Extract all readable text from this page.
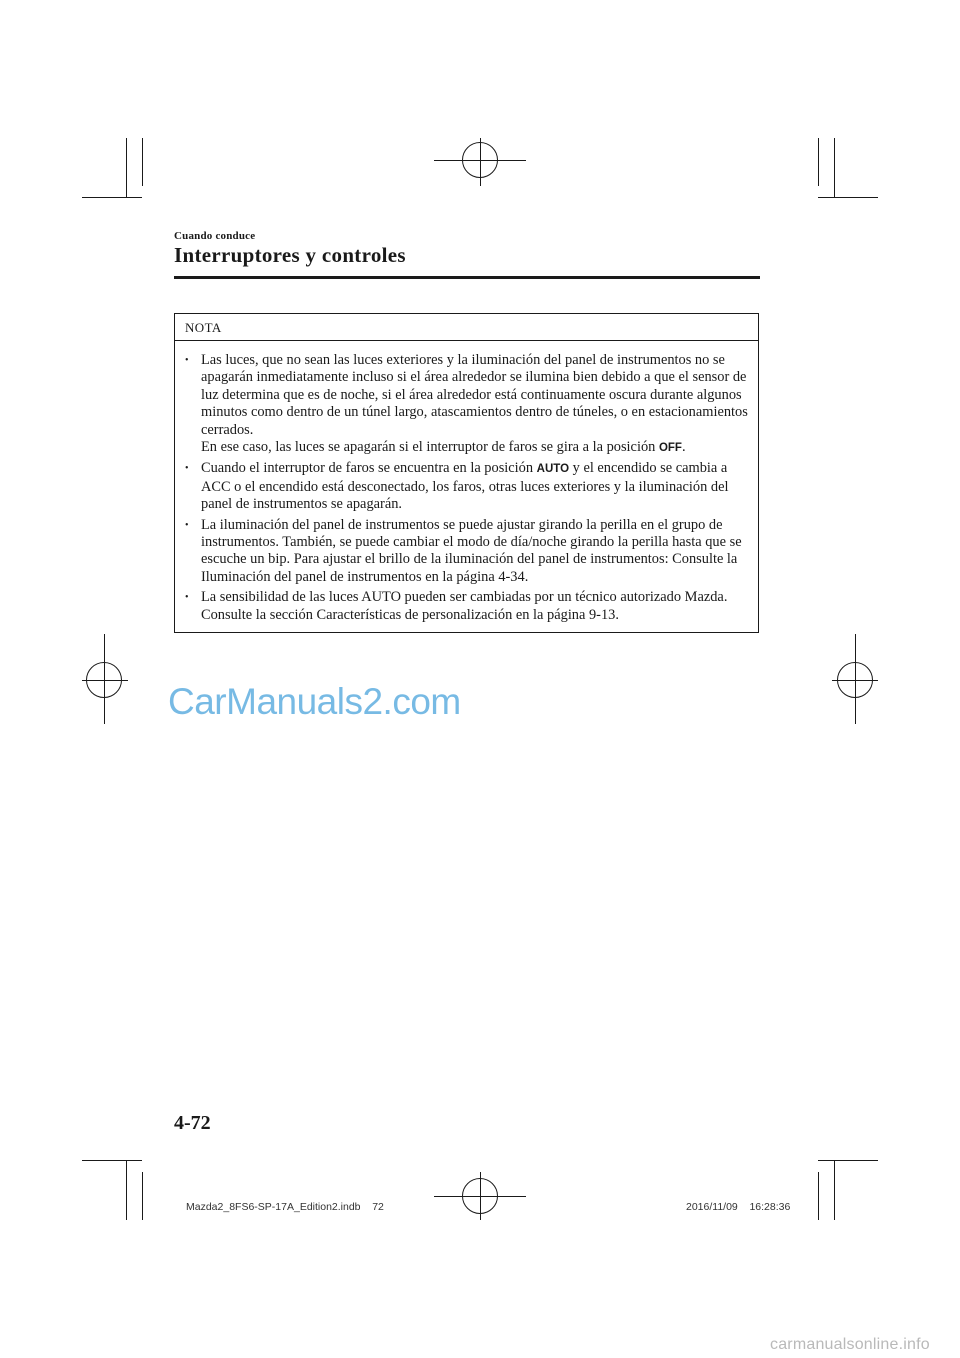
Cuando conduce
Interruptores y controles
NOTA
• Las luces, que no sean las luces exteriores y la iluminación del panel de instrumentos no se apagarán inmediatamente incluso si el área alrededor se ilumina bien debido a que el sensor de luz determina que es de noche, si el área alrededor está continuamente oscura durante algunos minutos como dentro de un túnel largo, atascamientos dentro de túneles, o en estacionamientos cerrados.
En ese caso, las luces se apagarán si el interruptor de faros se gira a la posición OFF.
• Cuando el interruptor de faros se encuentra en la posición AUTO y el encendido se cambia a ACC o el encendido está desconectado, los faros, otras luces exteriores y la iluminación del panel de instrumentos se apagarán.
• La iluminación del panel de instrumentos se puede ajustar girando la perilla en el grupo de instrumentos. También, se puede cambiar el modo de día/noche girando la perilla hasta que se escuche un bip. Para ajustar el brillo de la iluminación del panel de instrumentos: Consulte la Iluminación del panel de instrumentos en la página 4-34.
• La sensibilidad de las luces AUTO pueden ser cambiadas por un técnico autorizado Mazda. Consulte la sección Características de personalización en la página 9-13.
CarManuals2.com
4-72
Mazda2_8FS6-SP-17A_Edition2.indb    72	2016/11/09    16:28:36
carmanualsonline.info
